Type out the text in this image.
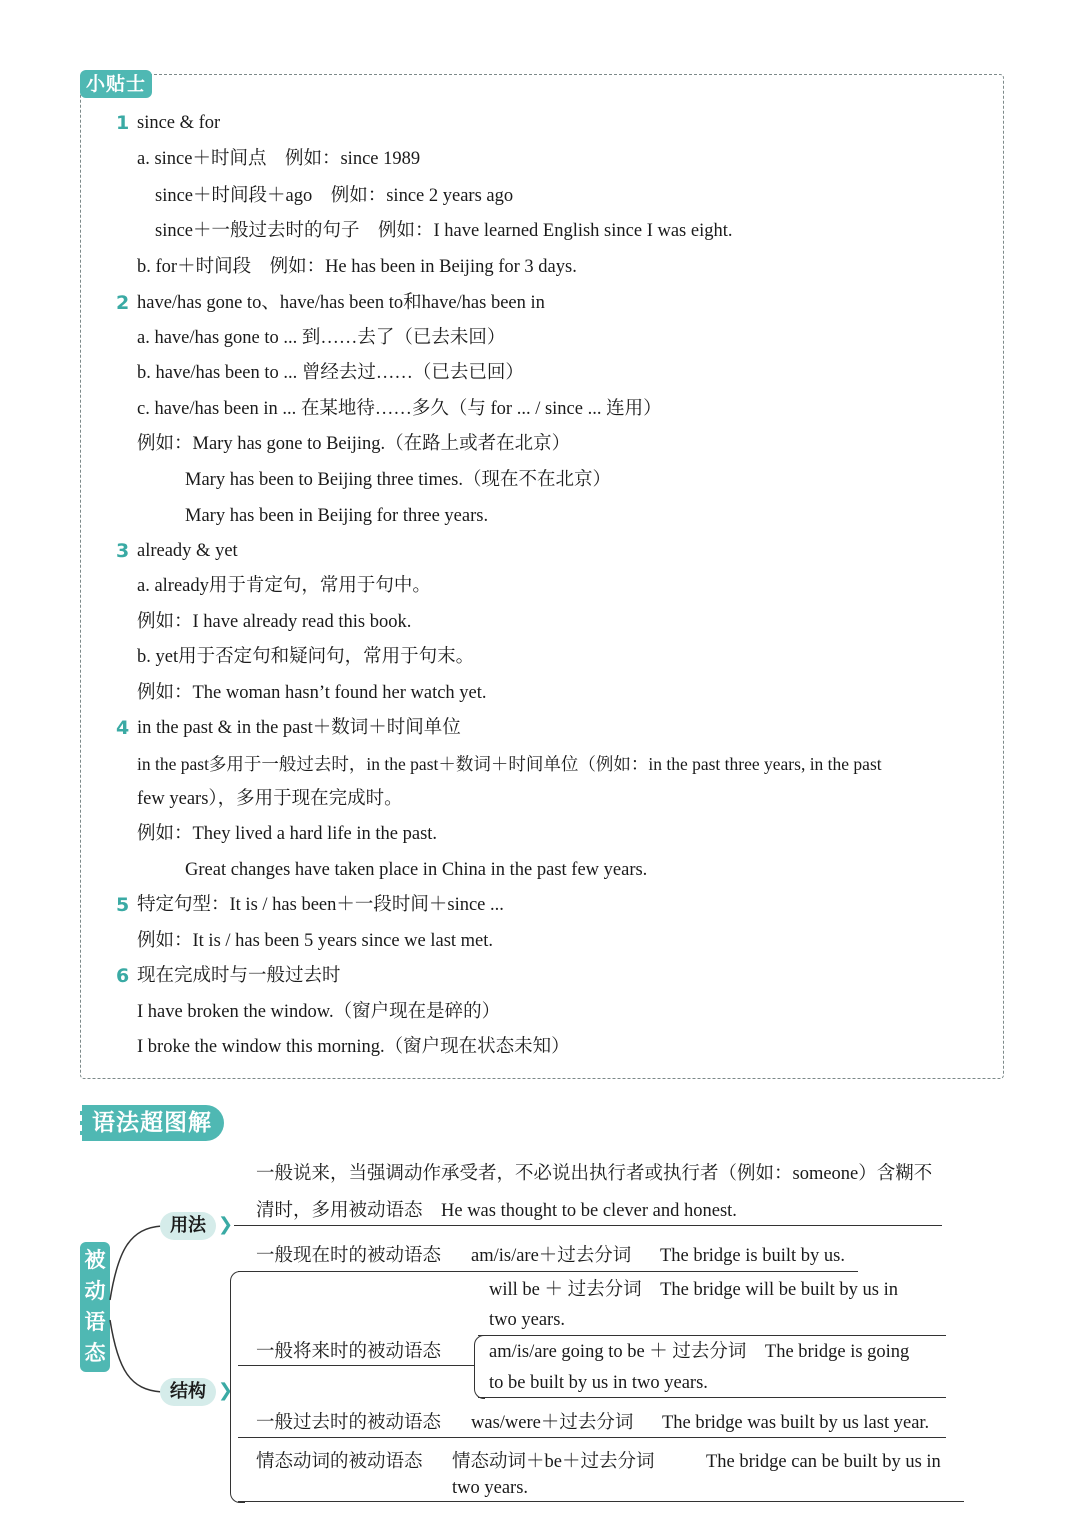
小贴士
1 since & for
a. since＋时间点　例如：since 1989
since＋时间段＋ago　例如：since 2 years ago
since＋一般过去时的句子　例如：I have learned English since I was eight.
b. for＋时间段　例如：He has been in Beijing for 3 days.
2 have/has gone to、have/has been to和have/has been in
a. have/has gone to ... 到……去了（已去未回）
b. have/has been to ... 曾经去过……（已去已回）
c. have/has been in ... 在某地待……多久（与 for ... / since ... 连用）
例如：Mary has gone to Beijing.（在路上或者在北京）
Mary has been to Beijing three times.（现在不在北京）
Mary has been in Beijing for three years.
3 already & yet
a. already用于肯定句，常用于句中。
例如：I have already read this book.
b. yet用于否定句和疑问句，常用于句末。
例如：The woman hasn’t found her watch yet.
4 in the past & in the past＋数词＋时间单位
in the past多用于一般过去时，in the past＋数词＋时间单位（例如：in the past three years, in the past
few years），多用于现在完成时。
例如：They lived a hard life in the past.
Great changes have taken place in China in the past few years.
5 特定句型：It is / has been＋一段时间＋since ...
例如：It is / has been 5 years since we last met.
6 现在完成时与一般过去时
I have broken the window.（窗户现在是碎的）
I broke the window this morning.（窗户现在状态未知）
语法超图解
被动语态
用法 ❯
一般说来，当强调动作承受者，不必说出执行者或执行者（例如：someone）含糊不
清时，多用被动语态　He was thought to be clever and honest.
结构 ❯
一般现在时的被动语态 am/is/are＋过去分词 The bridge is built by us.
一般将来时的被动语态
will be ＋ 过去分词　The bridge will be built by us in
two years.
am/is/are going to be ＋ 过去分词　The bridge is going
to be built by us in two years.
一般过去时的被动语态 was/were＋过去分词 The bridge was built by us last year.
情态动词的被动语态 情态动词＋be＋过去分词	The bridge can be built by us in
two years.
